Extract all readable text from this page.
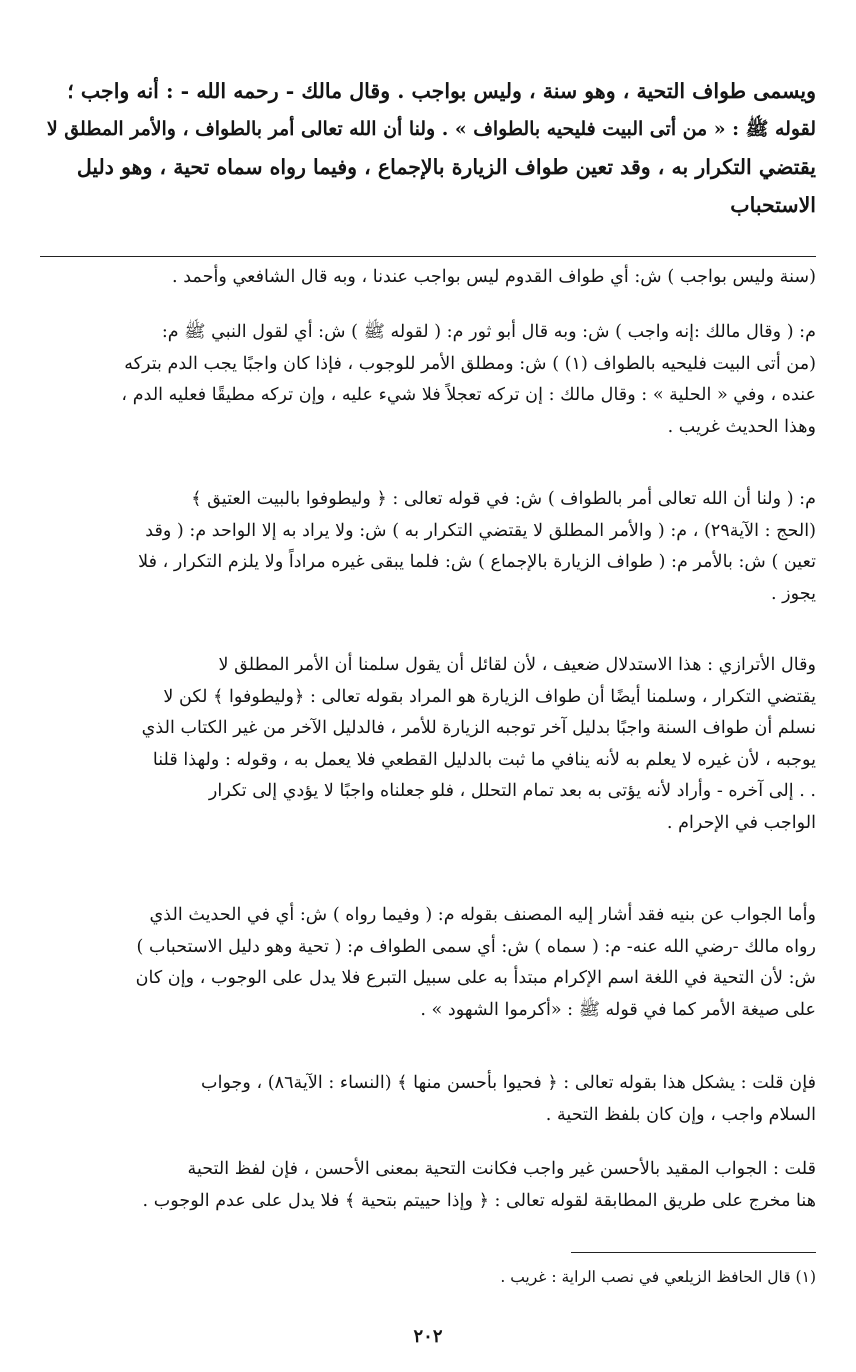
ويسمى طواف التحية ، وهو سنة ، وليس بواجب . وقال مالك - رحمه الله - : أنه واجب ؛
لقوله ﷺ : « من أتى البيت فليحيه بالطواف » . ولنا أن الله تعالى أمر بالطواف ، والأمر المطلق لا
يقتضي التكرار به ، وقد تعين طواف الزيارة بالإجماع ، وفيما رواه سماه تحية ، وهو دليل
الاستحباب
(سنة وليس بواجب ) ش: أي طواف القدوم ليس بواجب عندنا ، وبه قال الشافعي وأحمد .
م: ( وقال مالك :إنه واجب ) ش: وبه قال أبو ثور م: ( لقوله ﷺ ) ش: أي لقول النبي ﷺ م:
(من أتى البيت فليحيه بالطواف (١) ) ش: ومطلق الأمر للوجوب ، فإذا كان واجبًا يجب الدم بتركه
عنده ، وفي « الحلية » : وقال مالك : إن تركه تعجلاً فلا شيء عليه ، وإن تركه مطيقًا فعليه الدم ،
وهذا الحديث غريب .
م: ( ولنا أن الله تعالى أمر بالطواف ) ش: في قوله تعالى : ﴿ وليطوفوا بالبيت العتيق ﴾
(الحج : الآية٢٩) ، م: ( والأمر المطلق لا يقتضي التكرار به ) ش: ولا يراد به إلا الواحد م: ( وقد
تعين ) ش: بالأمر م: ( طواف الزيارة بالإجماع ) ش: فلما يبقى غيره مراداً ولا يلزم التكرار ، فلا
يجوز .
وقال الأترازي : هذا الاستدلال ضعيف ، لأن لقائل أن يقول سلمنا أن الأمر المطلق لا
يقتضي التكرار ، وسلمنا أيضًا أن طواف الزيارة هو المراد بقوله تعالى : ﴿وليطوفوا ﴾ لكن لا
نسلم أن طواف السنة واجبًا بدليل آخر توجبه الزيارة للأمر ، فالدليل الآخر من غير الكتاب الذي
يوجبه ، لأن غيره لا يعلم به لأنه ينافي ما ثبت بالدليل القطعي فلا يعمل به ، وقوله : ولهذا قلنا
. . إلى آخره - وأراد لأنه يؤتى به بعد تمام التحلل ، فلو جعلناه واجبًا لا يؤدي إلى تكرار
الواجب في الإحرام .
وأما الجواب عن بنيه فقد أشار إليه المصنف بقوله م: ( وفيما رواه ) ش: أي في الحديث الذي
رواه مالك -رضي الله عنه- م: ( سماه ) ش: أي سمى الطواف م: ( تحية وهو دليل الاستحباب )
ش: لأن التحية في اللغة اسم الإكرام مبتدأ به على سبيل التبرع فلا يدل على الوجوب ، وإن كان
على صيغة الأمر كما في قوله ﷺ : «أكرموا الشهود » .
فإن قلت : يشكل هذا بقوله تعالى : ﴿ فحيوا بأحسن منها ﴾ (النساء : الآية٨٦) ، وجواب
السلام واجب ، وإن كان بلفظ التحية .
قلت : الجواب المقيد بالأحسن غير واجب فكانت التحية بمعنى الأحسن ، فإن لفظ التحية
هنا مخرج على طريق المطابقة لقوله تعالى : ﴿ وإذا حييتم بتحية ﴾ فلا يدل على عدم الوجوب .
(١) قال الحافظ الزيلعي في نصب الراية : غريب .
٢٠٢
